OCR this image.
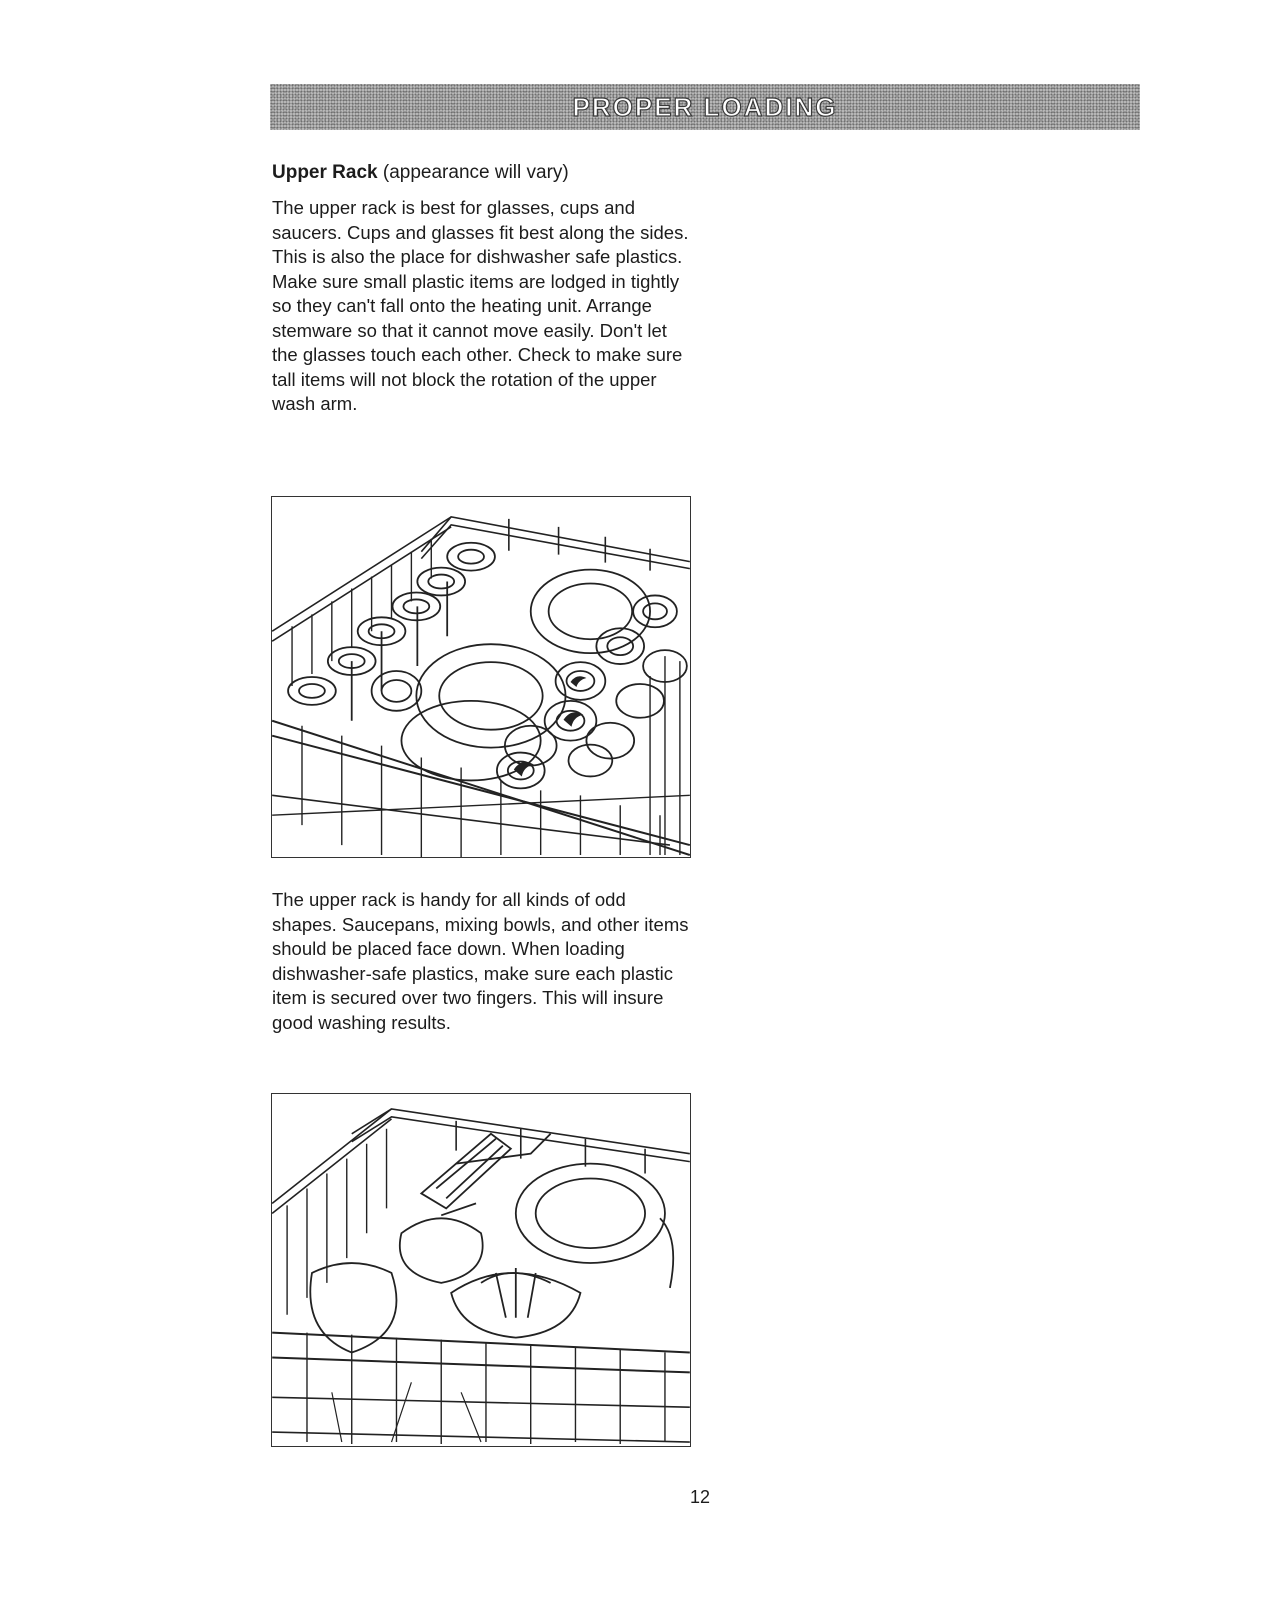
PROPER LOADING
Upper Rack (appearance will vary)

The upper rack is best for glasses, cups and saucers. Cups and glasses fit best along the sides. This is also the place for dishwasher safe plastics. Make sure small plastic items are lodged in tightly so they can't fall onto the heating unit. Arrange stemware so that it cannot move easily. Don't let the glasses touch each other. Check to make sure tall items will not block the rotation of the upper wash arm.

The upper rack is handy for all kinds of odd shapes. Saucepans, mixing bowls, and other items should be placed face down. When loading dishwasher-safe plastics, make sure each plastic item is secured over two fingers. This will insure good washing results.

12
